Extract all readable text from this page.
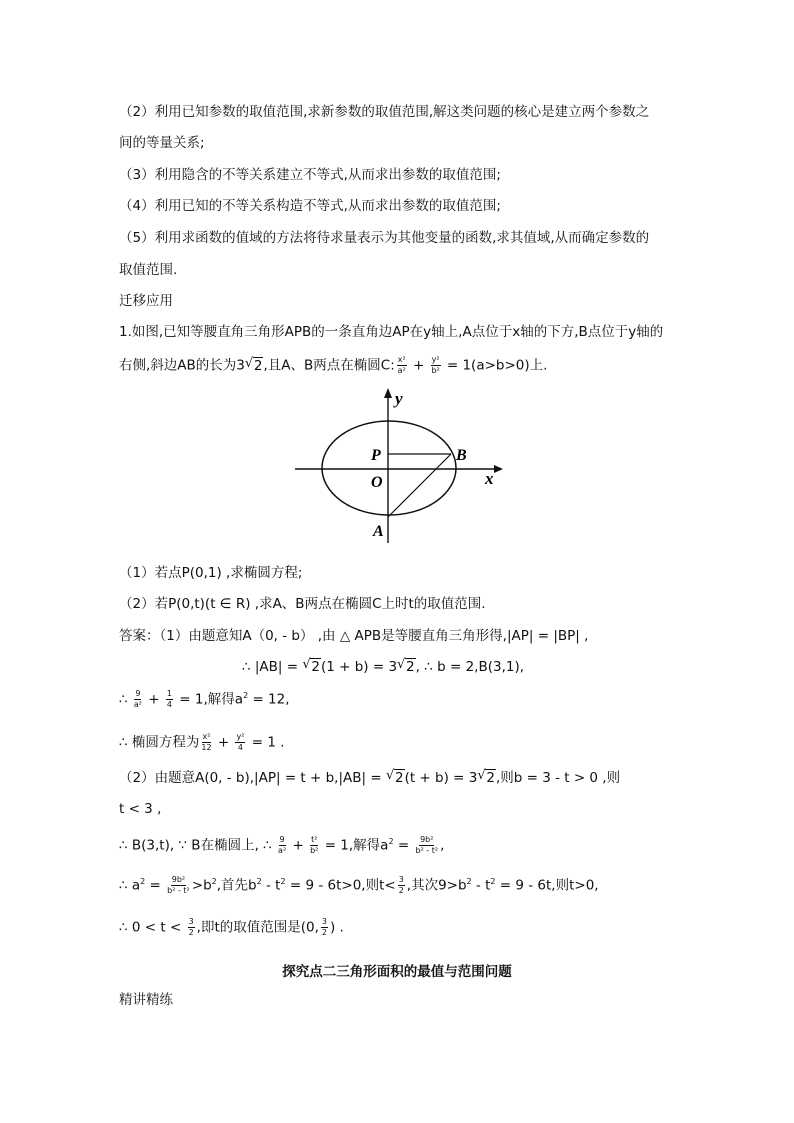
（2）利用已知参数的取值范围,求新参数的取值范围,解这类问题的核心是建立两个参数之
间的等量关系;
（3）利用隐含的不等关系建立不等式,从而求出参数的取值范围;
（4）利用已知的不等关系构造不等式,从而求出参数的取值范围;
（5）利用求函数的值域的方法将待求量表示为其他变量的函数,求其值域,从而确定参数的
取值范围.
迁移应用
1.如图,已知等腰直角三角形APB的一条直角边AP在y轴上,A点位于x轴的下方,B点位于y轴的
右侧,斜边AB的长为3 √ 2,且A、B两点在椭圆C: $\frac{\text{x²}}{\text{a²}} + \frac{\text{y²}}{\text{b²}} = 1(a>b>0)$上.
y
x
P	B
O
A
（1）若点P(0,1) ,求椭圆方程;
（2）若P(0,t)(t ∈ R) ,求A、B两点在椭圆C上时t的取值范围.
答案：（1）由题意知A（0, - b） ,由 △ APB是等腰直角三角形得,|AP| = |BP| ,
∴ |AB| = √ 2(1 + b) = 3 √ 2, ∴ b = 2,B(3,1),
∴ $\frac{9}{\text{a²}} + \frac{1}{4} = 1$,解得$a^2 = 12$,
∴ 椭圆方程为 $\frac{\text{x²}}{12} + \frac{\text{y²}}{4} = 1$ .
（2）由题意A(0, - b),|AP| = t + b,|AB| = √ 2(t + b) = 3 √ 2,则b = 3 - t > 0 ,则
t < 3 ,
∴ B(3,t), ∵ B在椭圆上, ∴ $\frac{9}{\text{a²}} + \frac{\text{t²}}{\text{b²}} = 1$,解得$a^2 = \frac{\text{9b²}}{\text{b² - t²}}$ ,
∴ $a^2 = \frac{\text{9b²}}{\text{b² - t²}} >b^2$,首先$b^2 - t^2 = 9 - 6t>0$,则$t< \frac{3}{2}$ ,其次$9>b^2 - t^2 = 9 - 6t$,则t>0,
∴ $0 < t < \frac{3}{2}$ ,即t的取值范围是(0, $\frac{3}{2}$ ) .
探究点二三角形面积的最值与范围问题
精讲精练
